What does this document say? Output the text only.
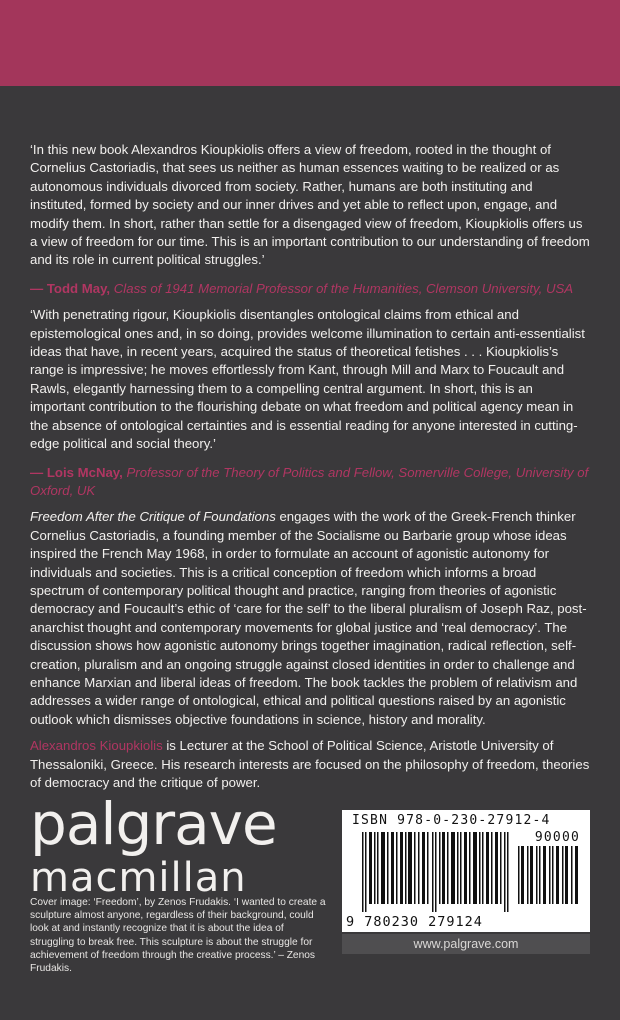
‘In this new book Alexandros Kioupkiolis offers a view of freedom, rooted in the thought of Cornelius Castoriadis, that sees us neither as human essences waiting to be realized or as autonomous individuals divorced from society. Rather, humans are both instituting and instituted, formed by society and our inner drives and yet able to reflect upon, engage, and modify them. In short, rather than settle for a disengaged view of freedom, Kioupkiolis offers us a view of freedom for our time. This is an important contribution to our understanding of freedom and its role in current political struggles.’

— Todd May, Class of 1941 Memorial Professor of the Humanities, Clemson University, USA

‘With penetrating rigour, Kioupkiolis disentangles ontological claims from ethical and epistemological ones and, in so doing, provides welcome illumination to certain anti-essentialist ideas that have, in recent years, acquired the status of theoretical fetishes . . . Kioupkiolis’s range is impressive; he moves effortlessly from Kant, through Mill and Marx to Foucault and Rawls, elegantly harnessing them to a compelling central argument. In short, this is an important contribution to the flourishing debate on what freedom and political agency mean in the absence of ontological certainties and is essential reading for anyone interested in cutting-edge political and social theory.’

— Lois McNay, Professor of the Theory of Politics and Fellow, Somerville College, University of Oxford, UK

Freedom After the Critique of Foundations engages with the work of the Greek-French thinker Cornelius Castoriadis, a founding member of the Socialisme ou Barbarie group whose ideas inspired the French May 1968, in order to formulate an account of agonistic autonomy for individuals and societies. This is a critical conception of freedom which informs a broad spectrum of contemporary political thought and practice, ranging from theories of agonistic democracy and Foucault’s ethic of ‘care for the self’ to the liberal pluralism of Joseph Raz, post-anarchist thought and contemporary movements for global justice and ‘real democracy’. The discussion shows how agonistic autonomy brings together imagination, radical reflection, self-creation, pluralism and an ongoing struggle against closed identities in order to challenge and enhance Marxian and liberal ideas of freedom. The book tackles the problem of relativism and addresses a wider range of ontological, ethical and political questions raised by an agonistic outlook which dismisses objective foundations in science, history and morality.

Alexandros Kioupkiolis is Lecturer at the School of Political Science, Aristotle University of Thessaloniki, Greece. His research interests are focused on the philosophy of freedom, theories of democracy and the critique of power.

palgrave
macmillan
Cover image: ‘Freedom’, by Zenos Frudakis. ‘I wanted to create a sculpture almost anyone, regardless of their background, could look at and instantly recognize that it is about the idea of struggling to break free. This sculpture is about the struggle for achievement of freedom through the creative process.’ – Zenos Frudakis.
ISBN 978-0-230-27912-4
90000
9 780230 279124
www.palgrave.com
